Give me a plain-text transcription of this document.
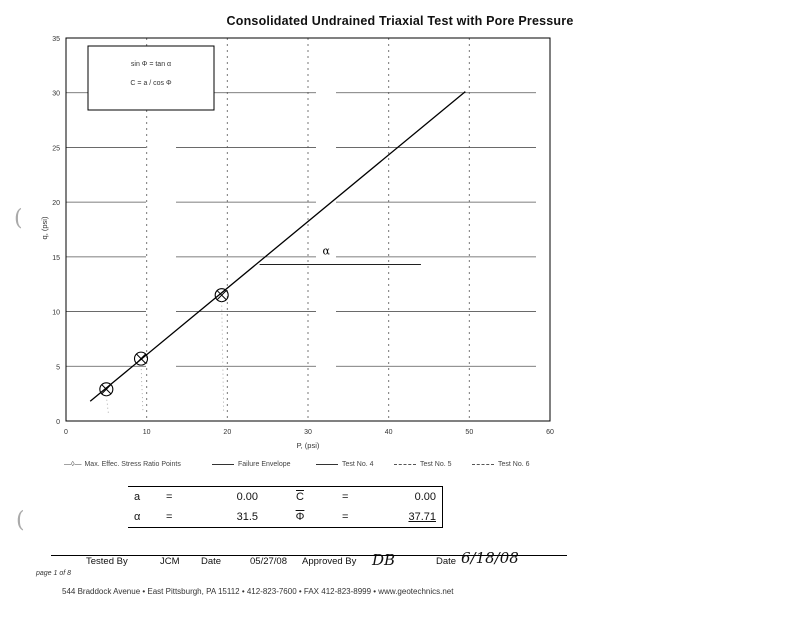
Consolidated Undrained Triaxial Test with Pore Pressure
0	10	20	30	40	50	60
0
5
10
15
20
25
30
35
P, (psi)
q, (psi)
sin Φ = tan α
C = a / cos Φ
α
—◊— Max. Effec. Stress Ratio Points	Failure Envelope	Test No. 4	Test No. 5	Test No. 6
a	=	0.00	$\overline{C}$	=	0.00
α	=	31.5	$\overline{\Phi}$	=	37.71
Tested By	JCM Date	05/27/08 Approved By DB	Date 6/18/08
page 1 of 8
544 Braddock Avenue • East Pittsburgh, PA 15112 • 412-823-7600 • FAX 412-823-8999 • www.geotechnics.net
(
(
